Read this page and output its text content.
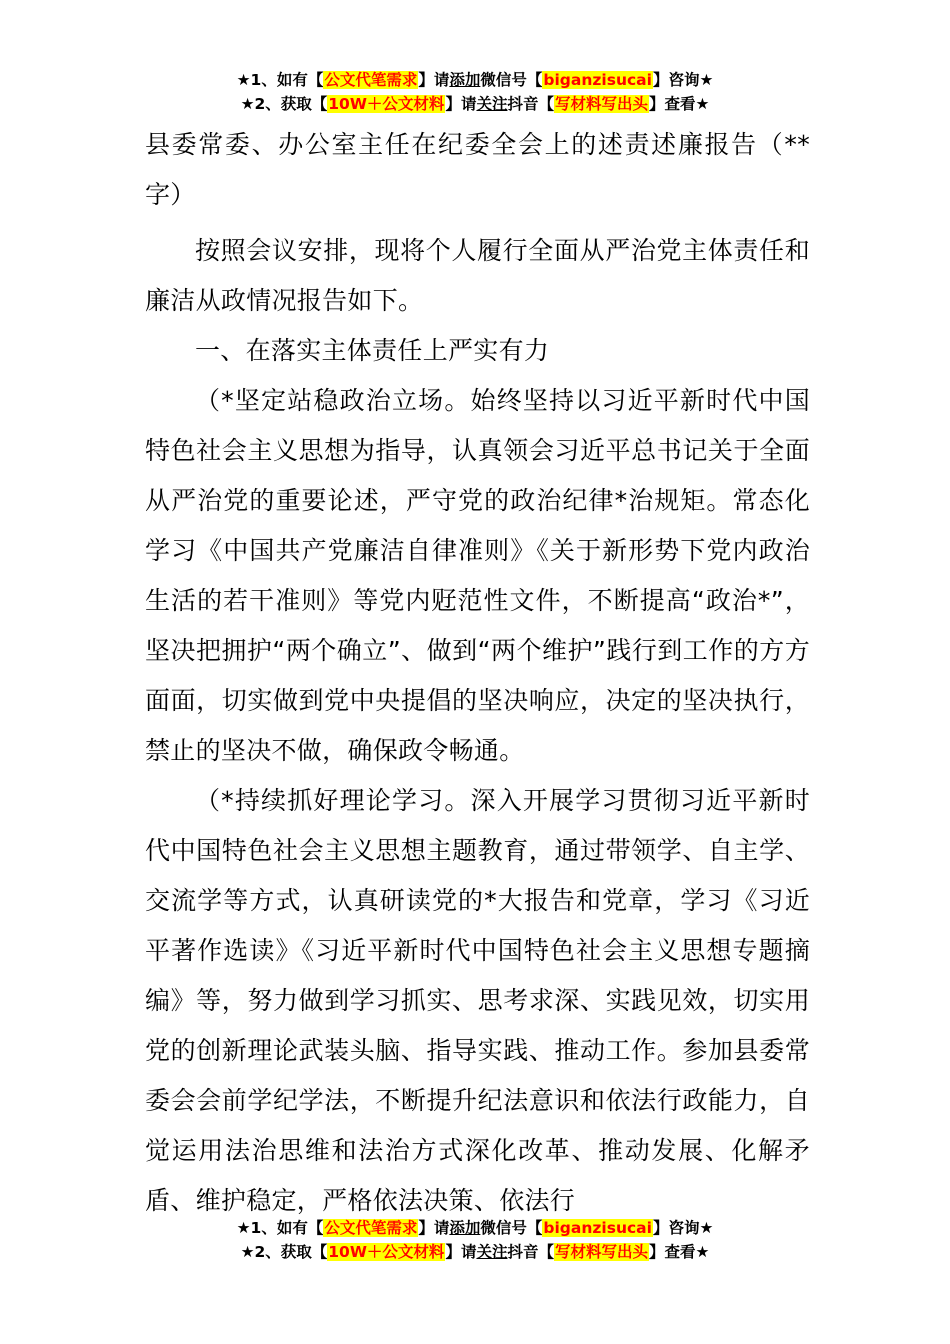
★1、如有【公文代笔需求】请添加微信号【biganzisucai】咨询★
★2、获取【10W＋公文材料】请关注抖音【写材料写出头】查看★

县委常委、办公室主任在纪委全会上的述责述廉报告（**字）

按照会议安排，现将个人履行全面从严治党主体责任和廉洁从政情况报告如下。

一、在落实主体责任上严实有力

（*坚定站稳政治立场。始终坚持以习近平新时代中国特色社会主义思想为指导，认真领会习近平总书记关于全面从严治党的重要论述，严守党的政治纪律*治规矩。常态化学习《中国共产党廉洁自律准则》《关于新形势下党内政治生活的若干准则》等党内觃范性文件，不断提高“政治*”，坚决把拥护“两个确立”、做到“两个维护”践行到工作的方方面面，切实做到党中央提倡的坚决响应，决定的坚决执行，禁止的坚决不做，确保政令畅通。

（*持续抓好理论学习。深入开展学习贯彻习近平新时代中国特色社会主义思想主题教育，通过带领学、自主学、交流学等方式，认真研读党的*大报告和党章，学习《习近平著作选读》《习近平新时代中国特色社会主义思想专题摘编》等，努力做到学习抓实、思考求深、实践见效，切实用党的创新理论武装头脑、指导实践、推动工作。参加县委常委会会前学纪学法，不断提升纪法意识和依法行政能力，自觉运用法治思维和法治方式深化改革、推动发展、化解矛盾、维护稳定，严格依法决策、依法行

★1、如有【公文代笔需求】请添加微信号【biganzisucai】咨询★
★2、获取【10W＋公文材料】请关注抖音【写材料写出头】查看★
